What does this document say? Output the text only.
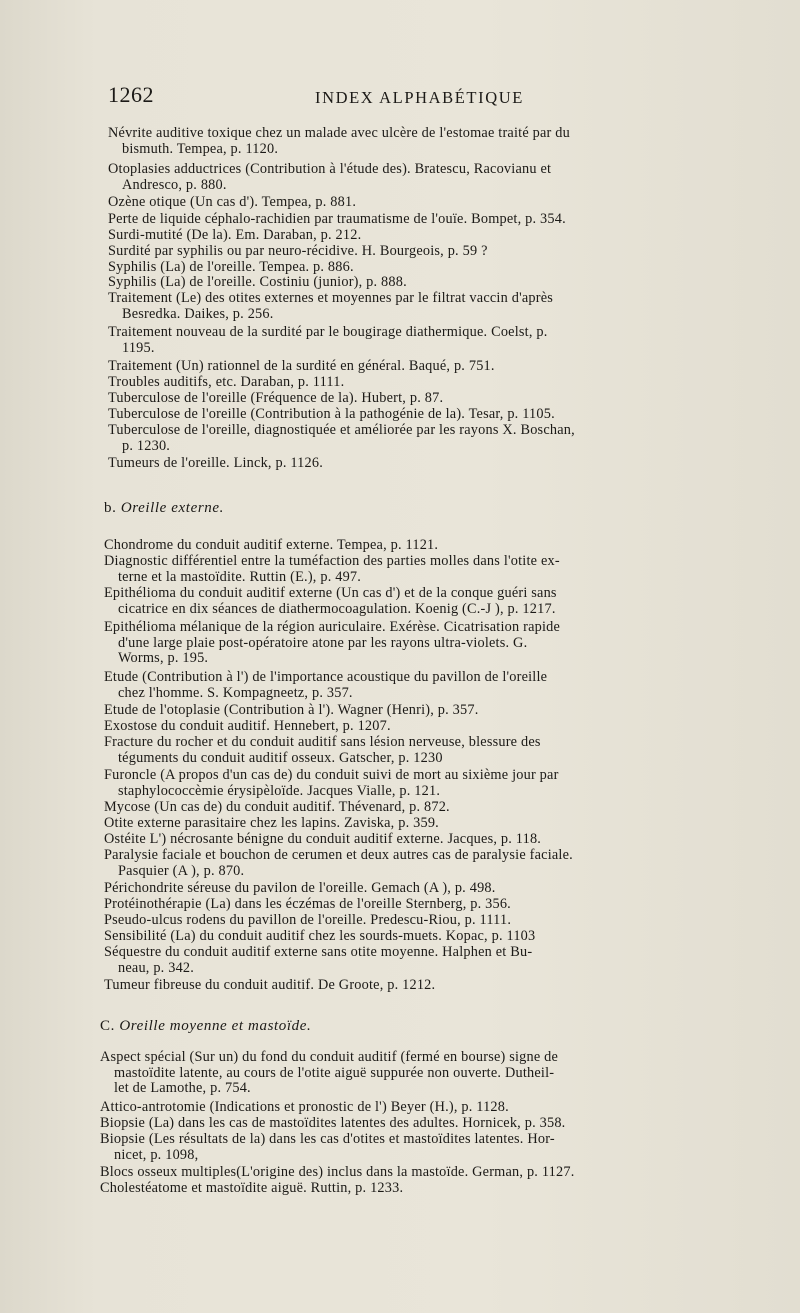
1262	INDEX ALPHABÉTIQUE

Névrite auditive toxique chez un malade avec ulcère de l'estomae traité par du
bismuth. Tempea, p. 1120.

Otoplasies adductrices (Contribution à l'étude des). Bratescu, Racovianu et
Andresco, p. 880.

Ozène otique (Un cas d'). Tempea, p. 881.

Perte de liquide céphalo-rachidien par traumatisme de l'ouïe. Bompet, p. 354.

Surdi-mutité (De la). Em. Daraban, p. 212.

Surdité par syphilis ou par neuro-récidive. H. Bourgeois, p. 59 ?

Syphilis (La) de l'oreille. Tempea. p. 886.

Syphilis (La) de l'oreille. Costiniu (junior), p. 888.

Traitement (Le) des otites externes et moyennes par le filtrat vaccin d'après
Besredka. Daikes, p. 256.

Traitement nouveau de la surdité par le bougirage diathermique. Coelst, p.
1195.

Traitement (Un) rationnel de la surdité en général. Baqué, p. 751.

Troubles auditifs, etc. Daraban, p. 1111.

Tuberculose de l'oreille (Fréquence de la). Hubert, p. 87.

Tuberculose de l'oreille (Contribution à la pathogénie de la). Tesar, p. 1105.

Tuberculose de l'oreille, diagnostiquée et améliorée par les rayons X. Boschan,
p. 1230.

Tumeurs de l'oreille. Linck, p. 1126.

b. Oreille externe.

Chondrome du conduit auditif externe. Tempea, p. 1121.

Diagnostic différentiel entre la tuméfaction des parties molles dans l'otite ex-
terne et la mastoïdite. Ruttin (E.), p. 497.

Epithélioma du conduit auditif externe (Un cas d') et de la conque guéri sans
cicatrice en dix séances de diathermocoagulation. Koenig (C.-J ), p. 1217.

Epithélioma mélanique de la région auriculaire. Exérèse. Cicatrisation rapide
d'une large plaie post-opératoire atone par les rayons ultra-violets. G.
Worms, p. 195.

Etude (Contribution à l') de l'importance acoustique du pavillon de l'oreille
chez l'homme. S. Kompagneetz, p. 357.

Etude de l'otoplasie (Contribution à l'). Wagner (Henri), p. 357.

Exostose du conduit auditif. Hennebert, p. 1207.

Fracture du rocher et du conduit auditif sans lésion nerveuse, blessure des
téguments du conduit auditif osseux. Gatscher, p. 1230

Furoncle (A propos d'un cas de) du conduit suivi de mort au sixième jour par
staphylococcèmie érysipèloïde. Jacques Vialle, p. 121.

Mycose (Un cas de) du conduit auditif. Thévenard, p. 872.

Otite externe parasitaire chez les lapins. Zaviska, p. 359.

Ostéite L') nécrosante bénigne du conduit auditif externe. Jacques, p. 118.

Paralysie faciale et bouchon de cerumen et deux autres cas de paralysie faciale.
Pasquier (A ), p. 870.

Périchondrite séreuse du pavilon de l'oreille. Gemach (A ), p. 498.

Protéinothérapie (La) dans les éczémas de l'oreille Sternberg, p. 356.

Pseudo-ulcus rodens du pavillon de l'oreille. Predescu-Riou, p. 1111.

Sensibilité (La) du conduit auditif chez les sourds-muets. Kopac, p. 1103

Séquestre du conduit auditif externe sans otite moyenne. Halphen et Bu-
neau, p. 342.

Tumeur fibreuse du conduit auditif. De Groote, p. 1212.

C. Oreille moyenne et mastoïde.

Aspect spécial (Sur un) du fond du conduit auditif (fermé en bourse) signe de
mastoïdite latente, au cours de l'otite aiguë suppurée non ouverte. Dutheil-
let de Lamothe, p. 754.

Attico-antrotomie (Indications et pronostic de l') Beyer (H.), p. 1128.

Biopsie (La) dans les cas de mastoïdites latentes des adultes. Hornicek, p. 358.

Biopsie (Les résultats de la) dans les cas d'otites et mastoïdites latentes. Hor-
nicet, p. 1098,

Blocs osseux multiples(L'origine des) inclus dans la mastoïde. German, p. 1127.

Cholestéatome et mastoïdite aiguë. Ruttin, p. 1233.
